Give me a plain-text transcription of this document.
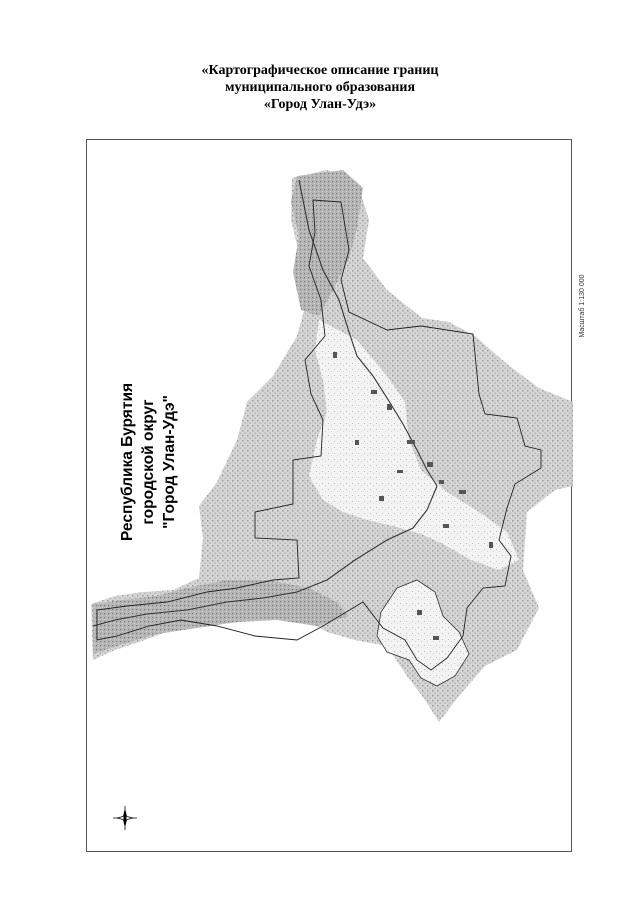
«Картографическое описание границ
муниципального образования
«Город Улан-Удэ»
Республика Бурятия городской округ "Город Улан-Удэ"
Масштаб 1:130 000
